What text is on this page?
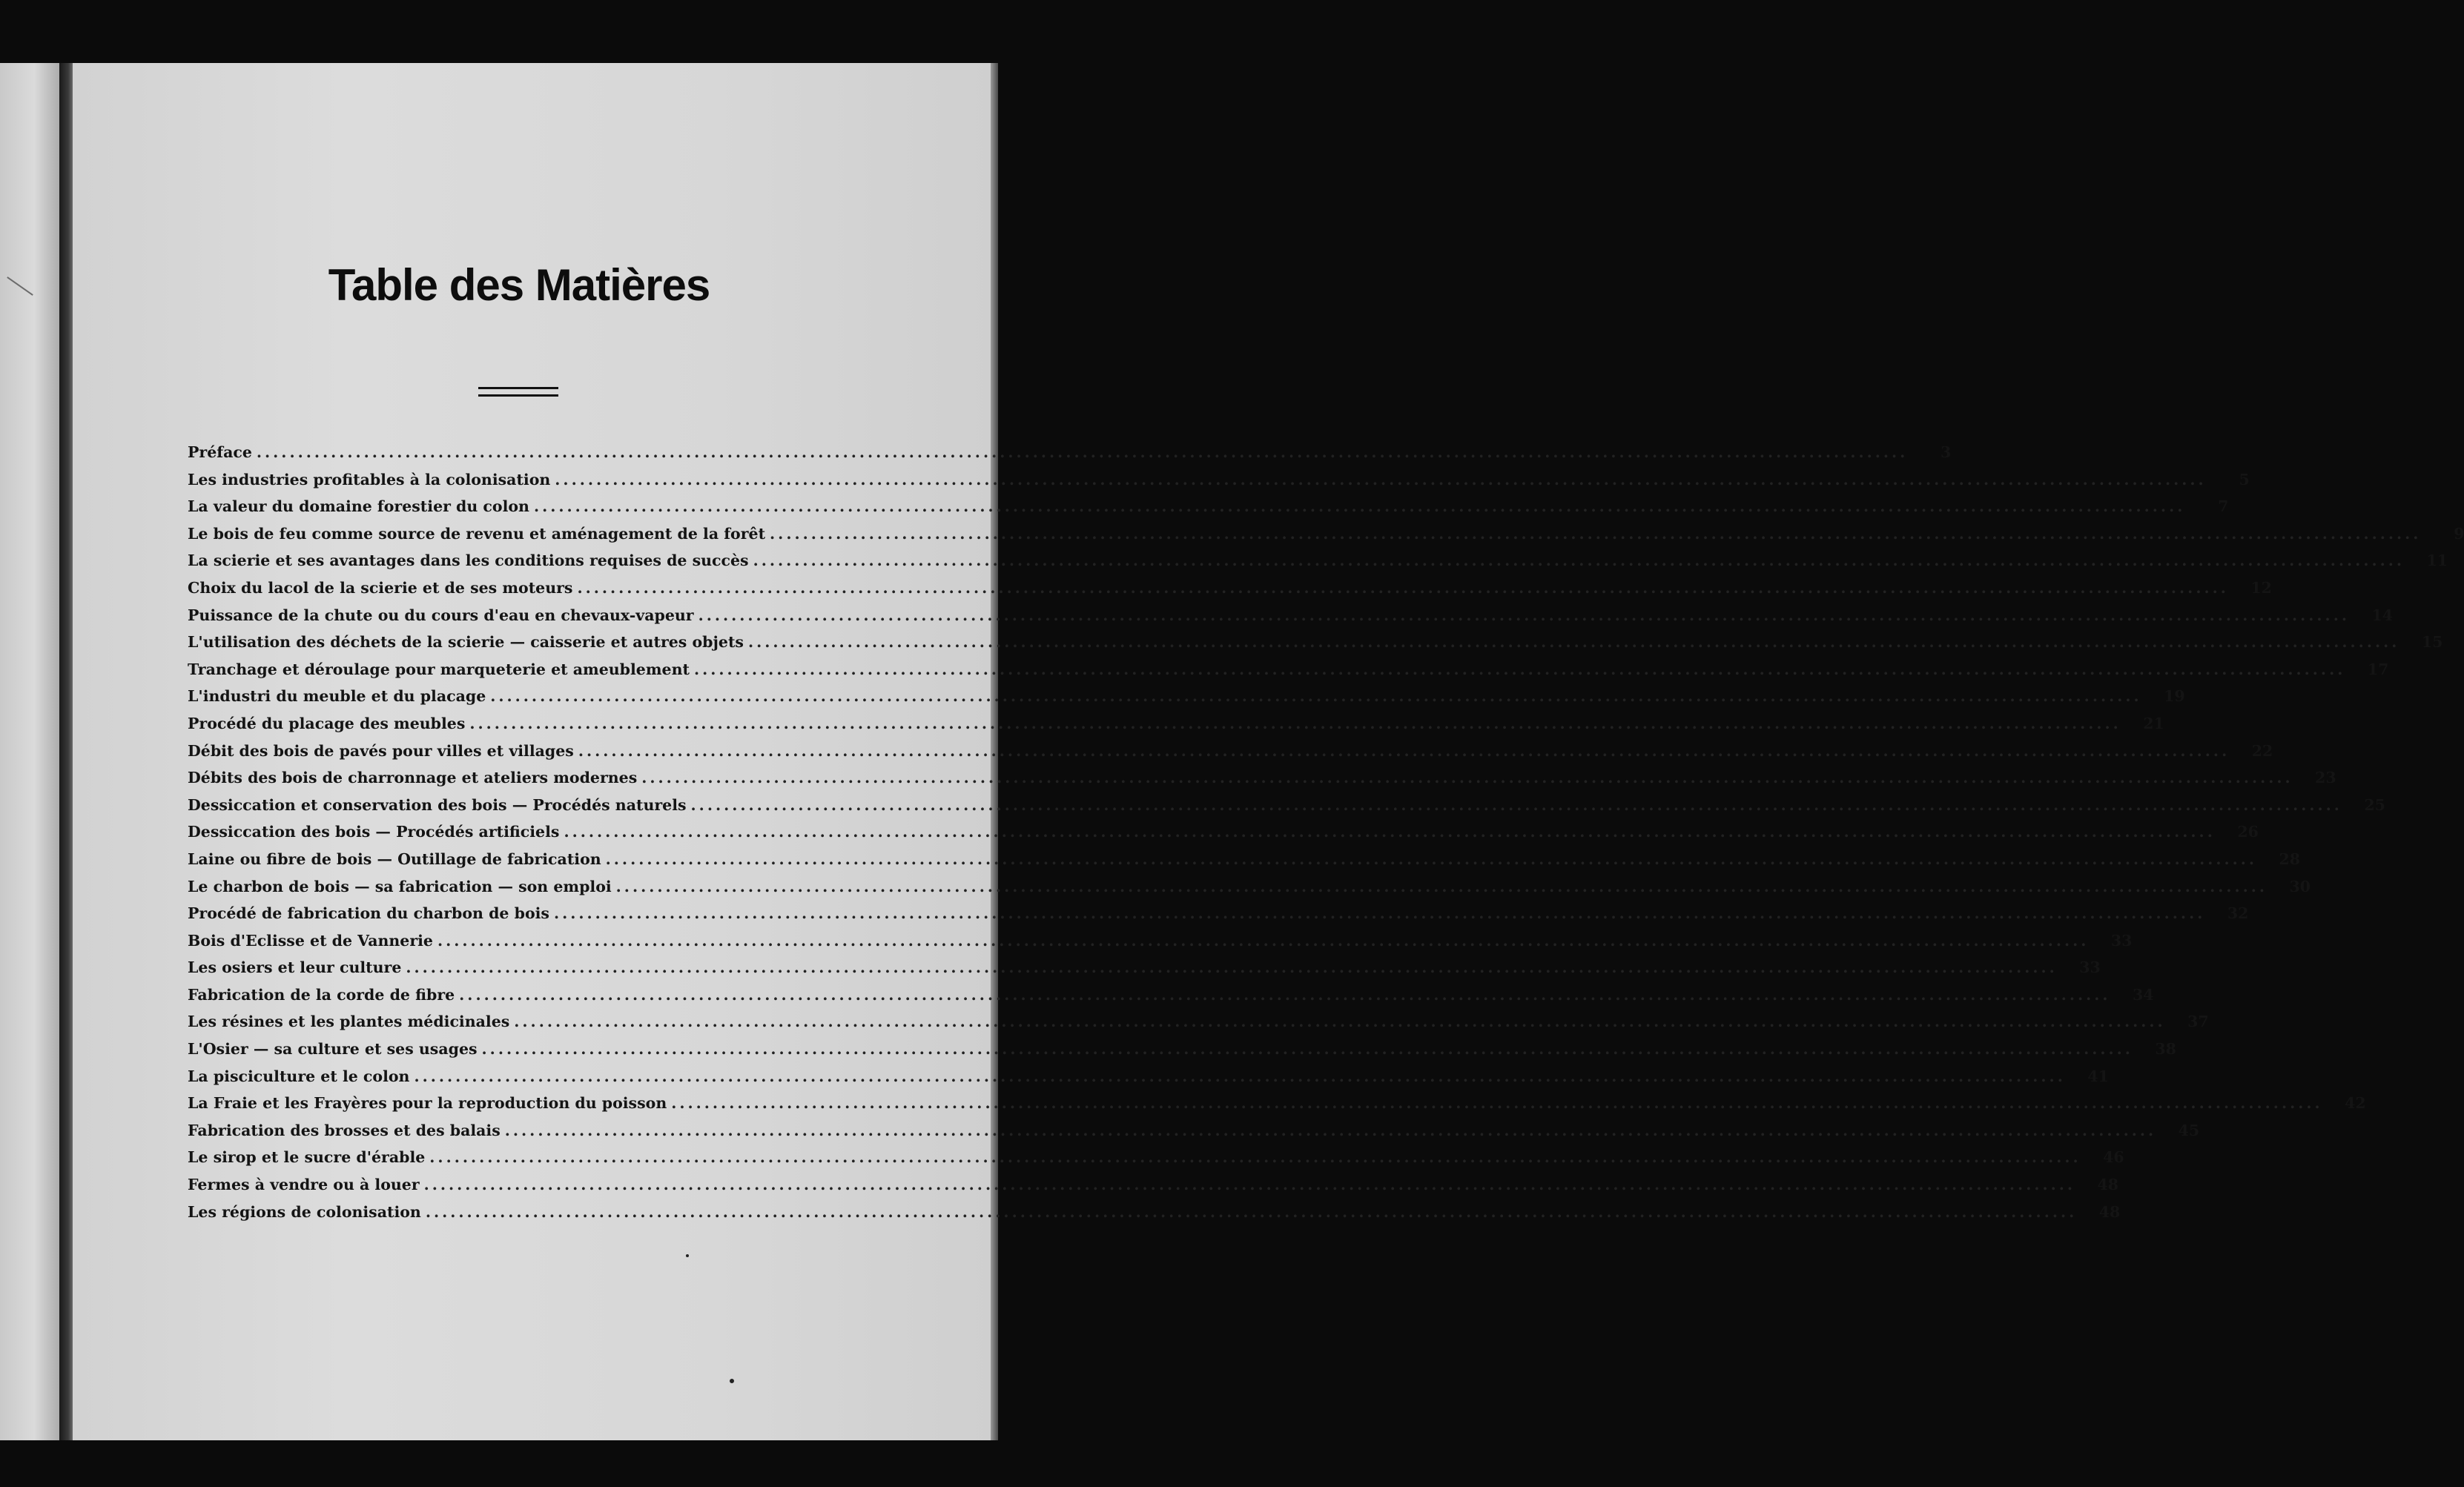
Table des Matières
Préface ........................................................................................................................................................................................................	3
Les industries profitables à la colonisation ........................................................................................................................................................................................................	5
La valeur du domaine forestier du colon ........................................................................................................................................................................................................	7
Le bois de feu comme source de revenu et aménagement de la forêt ........................................................................................................................................................................................................	9
La scierie et ses avantages dans les conditions requises de succès ........................................................................................................................................................................................................	11
Choix du lacol de la scierie et de ses moteurs ........................................................................................................................................................................................................	12
Puissance de la chute ou du cours d'eau en chevaux-vapeur ........................................................................................................................................................................................................	14
L'utilisation des déchets de la scierie — caisserie et autres objets ........................................................................................................................................................................................................	15
Tranchage et déroulage pour marqueterie et ameublement ........................................................................................................................................................................................................	17
L'industri du meuble et du placage ........................................................................................................................................................................................................	19
Procédé du placage des meubles ........................................................................................................................................................................................................	21
Débit des bois de pavés pour villes et villages ........................................................................................................................................................................................................	22
Débits des bois de charronnage et ateliers modernes ........................................................................................................................................................................................................	23
Dessiccation et conservation des bois — Procédés naturels ........................................................................................................................................................................................................	25
Dessiccation des bois — Procédés artificiels ........................................................................................................................................................................................................	26
Laine ou fibre de bois — Outillage de fabrication ........................................................................................................................................................................................................	28
Le charbon de bois — sa fabrication — son emploi ........................................................................................................................................................................................................	30
Procédé de fabrication du charbon de bois ........................................................................................................................................................................................................	32
Bois d'Eclisse et de Vannerie ........................................................................................................................................................................................................	33
Les osiers et leur culture ........................................................................................................................................................................................................	33
Fabrication de la corde de fibre ........................................................................................................................................................................................................	34
Les résines et les plantes médicinales ........................................................................................................................................................................................................	37
L'Osier — sa culture et ses usages ........................................................................................................................................................................................................	38
La pisciculture et le colon ........................................................................................................................................................................................................	41
La Fraie et les Frayères pour la reproduction du poisson ........................................................................................................................................................................................................	42
Fabrication des brosses et des balais ........................................................................................................................................................................................................	45
Le sirop et le sucre d'érable ........................................................................................................................................................................................................	46
Fermes à vendre ou à louer ........................................................................................................................................................................................................	48
Les régions de colonisation ........................................................................................................................................................................................................	48
